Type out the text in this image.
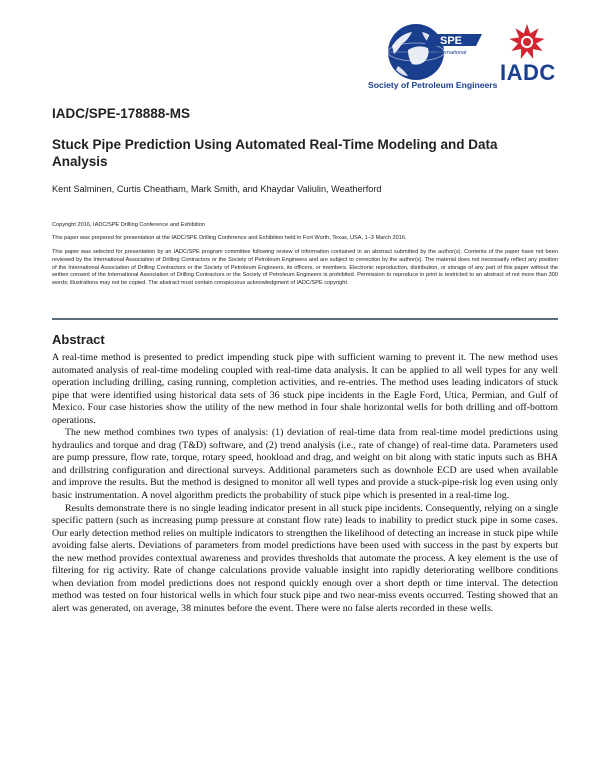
SPE
International
Society of Petroleum Engineers IADC
IADC/SPE-178888-MS
Stuck Pipe Prediction Using Automated Real-Time Modeling and Data Analysis
Kent Salminen, Curtis Cheatham, Mark Smith, and Khaydar Valiulin, Weatherford

Copyright 2016, IADC/SPE Drilling Conference and Exhibition

This paper was prepared for presentation at the IADC/SPE Drilling Conference and Exhibition held in Fort Worth, Texas, USA, 1–3 March 2016.

This paper was selected for presentation by an IADC/SPE program committee following review of information contained in an abstract submitted by the author(s). Contents of the paper have not been reviewed by the International Association of Drilling Contractors or the Society of Petroleum Engineers and are subject to correction by the author(s). The material does not necessarily reflect any position of the International Association of Drilling Contractors or the Society of Petroleum Engineers, its officers, or members. Electronic reproduction, distribution, or storage of any part of this paper without the written consent of the International Association of Drilling Contractors or the Society of Petroleum Engineers is prohibited. Permission to reproduce in print is restricted to an abstract of not more than 300 words; illustrations may not be copied. The abstract must contain conspicuous acknowledgment of IADC/SPE copyright.

Abstract

A real-time method is presented to predict impending stuck pipe with sufficient warning to prevent it. The new method uses automated analysis of real-time modeling coupled with real-time data analysis. It can be applied to all well types for any well operation including drilling, casing running, completion activities, and re-entries. The method uses leading indicators of stuck pipe that were identified using historical data sets of 36 stuck pipe incidents in the Eagle Ford, Utica, Permian, and Gulf of Mexico. Four case histories show the utility of the new method in four shale horizontal wells for both drilling and off-bottom operations.

The new method combines two types of analysis: (1) deviation of real-time data from real-time model predictions using hydraulics and torque and drag (T&D) software, and (2) trend analysis (i.e., rate of change) of real-time data. Parameters used are pump pressure, flow rate, torque, rotary speed, hookload and drag, and weight on bit along with static inputs such as BHA and drillstring configuration and directional surveys. Additional parameters such as downhole ECD are used when available and improve the results. But the method is designed to monitor all well types and provide a stuck-pipe-risk log even using only basic instrumentation. A novel algorithm predicts the probability of stuck pipe which is presented in a real-time log.

Results demonstrate there is no single leading indicator present in all stuck pipe incidents. Consequently, relying on a single specific pattern (such as increasing pump pressure at constant flow rate) leads to inability to predict stuck pipe in some cases. Our early detection method relies on multiple indicators to strengthen the likelihood of detecting an increase in stuck pipe while avoiding false alerts. Deviations of parameters from model predictions have been used with success in the past by experts but the new method provides contextual awareness and provides thresholds that automate the process. A key element is the use of filtering for rig activity. Rate of change calculations provide valuable insight into rapidly deteriorating wellbore conditions when deviation from model predictions does not respond quickly enough over a short depth or time interval. The detection method was tested on four historical wells in which four stuck pipe and two near-miss events occurred. Testing showed that an alert was generated, on average, 38 minutes before the event. There were no false alerts recorded in these wells.
